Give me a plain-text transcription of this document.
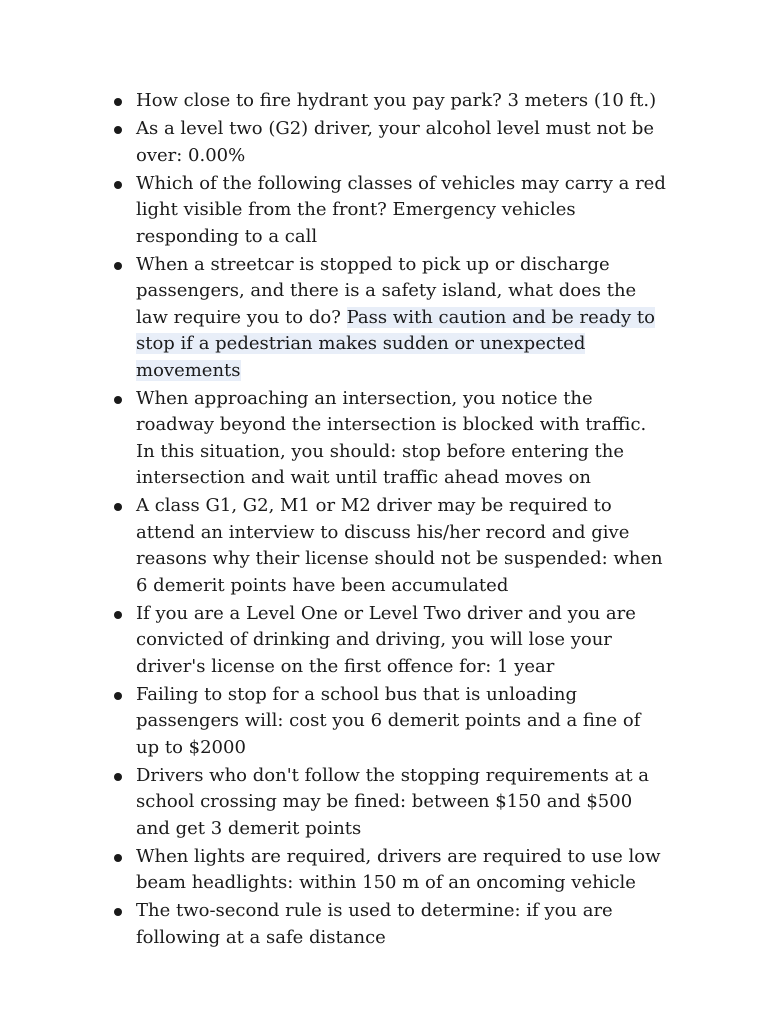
How close to fire hydrant you pay park? 3 meters (10 ft.)
As a level two (G2) driver, your alcohol level must not be over: 0.00%
Which of the following classes of vehicles may carry a red light visible from the front? Emergency vehicles responding to a call
When a streetcar is stopped to pick up or discharge passengers, and there is a safety island, what does the law require you to do? Pass with caution and be ready to stop if a pedestrian makes sudden or unexpected movements
When approaching an intersection, you notice the roadway beyond the intersection is blocked with traffic. In this situation, you should: stop before entering the intersection and wait until traffic ahead moves on
A class G1, G2, M1 or M2 driver may be required to attend an interview to discuss his/her record and give reasons why their license should not be suspended: when 6 demerit points have been accumulated
If you are a Level One or Level Two driver and you are convicted of drinking and driving, you will lose your driver's license on the first offence for: 1 year
Failing to stop for a school bus that is unloading passengers will: cost you 6 demerit points and a fine of up to $2000
Drivers who don't follow the stopping requirements at a school crossing may be fined: between $150 and $500 and get 3 demerit points
When lights are required, drivers are required to use low beam headlights: within 150 m of an oncoming vehicle
The two-second rule is used to determine: if you are following at a safe distance
